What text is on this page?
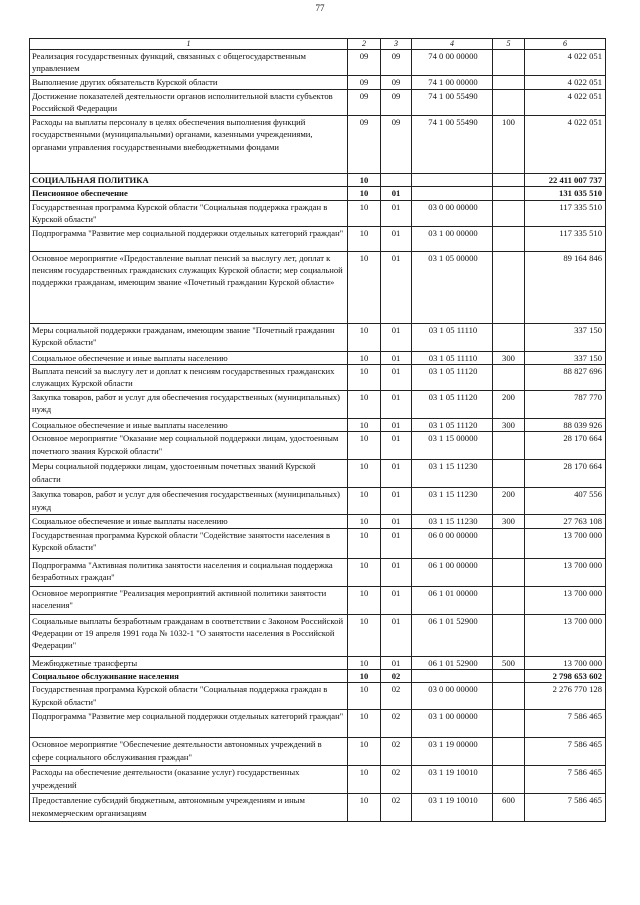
77
1	2	3	4	5	6
Реализация государственных функций, связанных с общегосударственным управлением	09	09	74 0 00 00000		4 022 051
Выполнение других обязательств Курской области	09	09	74 1 00 00000		4 022 051
Достижение показателей деятельности органов исполнительной власти субъектов Российской Федерации	09	09	74 1 00 55490		4 022 051
Расходы на выплаты персоналу в целях обеспечения выполнения функций государственными (муниципальными) органами, казенными учреждениями, органами управления государственными внебюджетными фондами	09	09	74 1 00 55490	100	4 022 051
СОЦИАЛЬНАЯ ПОЛИТИКА	10				22 411 007 737
Пенсионное обеспечение	10	01			131 035 510
Государственная программа Курской области "Социальная поддержка граждан в Курской области"	10	01	03 0 00 00000		117 335 510
Подпрограмма "Развитие мер социальной поддержки отдельных категорий граждан"	10	01	03 1 00 00000		117 335 510
Основное мероприятие «Предоставление выплат пенсий за выслугу лет, доплат к пенсиям государственных гражданских служащих Курской области; мер социальной поддержки гражданам, имеющим звание «Почетный гражданин Курской области»	10	01	03 1 05 00000		89 164 846
Меры социальной поддержки гражданам, имеющим звание "Почетный гражданин Курской области"	10	01	03 1 05 11110		337 150
Социальное обеспечение и иные выплаты населению	10	01	03 1 05 11110	300	337 150
Выплата пенсий за выслугу лет и доплат к пенсиям государственных гражданских служащих Курской области	10	01	03 1 05 11120		88 827 696
Закупка товаров, работ и услуг для обеспечения государственных (муниципальных) нужд	10	01	03 1 05 11120	200	787 770
Социальное обеспечение и иные выплаты населению	10	01	03 1 05 11120	300	88 039 926
Основное мероприятие "Оказание мер социальной поддержки лицам, удостоенным почетного звания Курской области"	10	01	03 1 15 00000		28 170 664
Меры социальной поддержки лицам, удостоенным почетных званий Курской области	10	01	03 1 15 11230		28 170 664
Закупка товаров, работ и услуг для обеспечения государственных (муниципальных) нужд	10	01	03 1 15 11230	200	407 556
Социальное обеспечение и иные выплаты населению	10	01	03 1 15 11230	300	27 763 108
Государственная программа Курской области "Содействие занятости населения в Курской области"	10	01	06 0 00 00000		13 700 000
Подпрограмма "Активная политика занятости населения и социальная поддержка безработных граждан"	10	01	06 1 00 00000		13 700 000
Основное мероприятие "Реализация мероприятий активной политики занятости населения"	10	01	06 1 01 00000		13 700 000
Социальные выплаты безработным гражданам в соответствии с Законом Российской Федерации от 19 апреля 1991 года № 1032-1 "О занятости населения в Российской Федерации"	10	01	06 1 01 52900		13 700 000
Межбюджетные трансферты	10	01	06 1 01 52900	500	13 700 000
Социальное обслуживание населения	10	02			2 798 653 602
Государственная программа Курской области "Социальная поддержка граждан в Курской области"	10	02	03 0 00 00000		2 276 770 128
Подпрограмма "Развитие мер социальной поддержки отдельных категорий граждан"	10	02	03 1 00 00000		7 586 465
Основное мероприятие "Обеспечение деятельности автономных учреждений в сфере социального обслуживания граждан"	10	02	03 1 19 00000		7 586 465
Расходы на обеспечение деятельности (оказание услуг) государственных учреждений	10	02	03 1 19 10010		7 586 465
Предоставление субсидий бюджетным, автономным учреждениям и иным некоммерческим организациям	10	02	03 1 19 10010	600	7 586 465
